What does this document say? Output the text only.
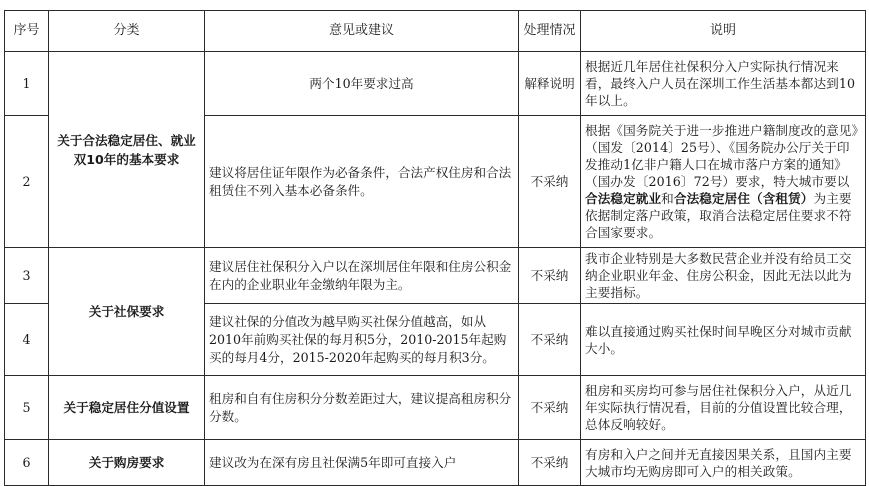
序号	分类	意见或建议	处理情况	说明
1	关于合法稳定居住、就业双10年的基本要求	两个10年要求过高	解释说明	根据近几年居住社保积分入户实际执行情况来看，最终入户人员在深圳工作生活基本都达到10年以上。
2		建议将居住证年限作为必备条件，合法产权住房和合法租赁住不列入基本必备条件。	不采纳	根据《国务院关于进一步推进户籍制度改的意见》（国发〔2014〕25号）、《国务院办公厅关于印发推动1亿非户籍人口在城市落户方案的通知》（国办发〔2016〕72号）要求，特大城市要以合法稳定就业和合法稳定居住（含租赁）为主要依据制定落户政策，取消合法稳定居住要求不符合国家要求。
3	关于社保要求	建议居住社保积分入户以在深圳居住年限和住房公积金在内的企业职业年金缴纳年限为主。	不采纳	我市企业特别是大多数民营企业并没有给员工交纳企业职业年金、住房公积金，因此无法以此为主要指标。
4		建议社保的分值改为越早购买社保分值越高，如从2010年前购买社保的每月积5分，2010-2015年起购买的每月4分，2015-2020年起购买的每月积3分。	不采纳	难以直接通过购买社保时间早晚区分对城市贡献大小。
5	关于稳定居住分值设置	租房和自有住房积分分数差距过大，建议提高租房积分分数。	不采纳	租房和买房均可参与居住社保积分入户，从近几年实际执行情况看，目前的分值设置比较合理，总体反响较好。
6	关于购房要求	建议改为在深有房且社保满5年即可直接入户	不采纳	有房和入户之间并无直接因果关系，且国内主要大城市均无购房即可入户的相关政策。
